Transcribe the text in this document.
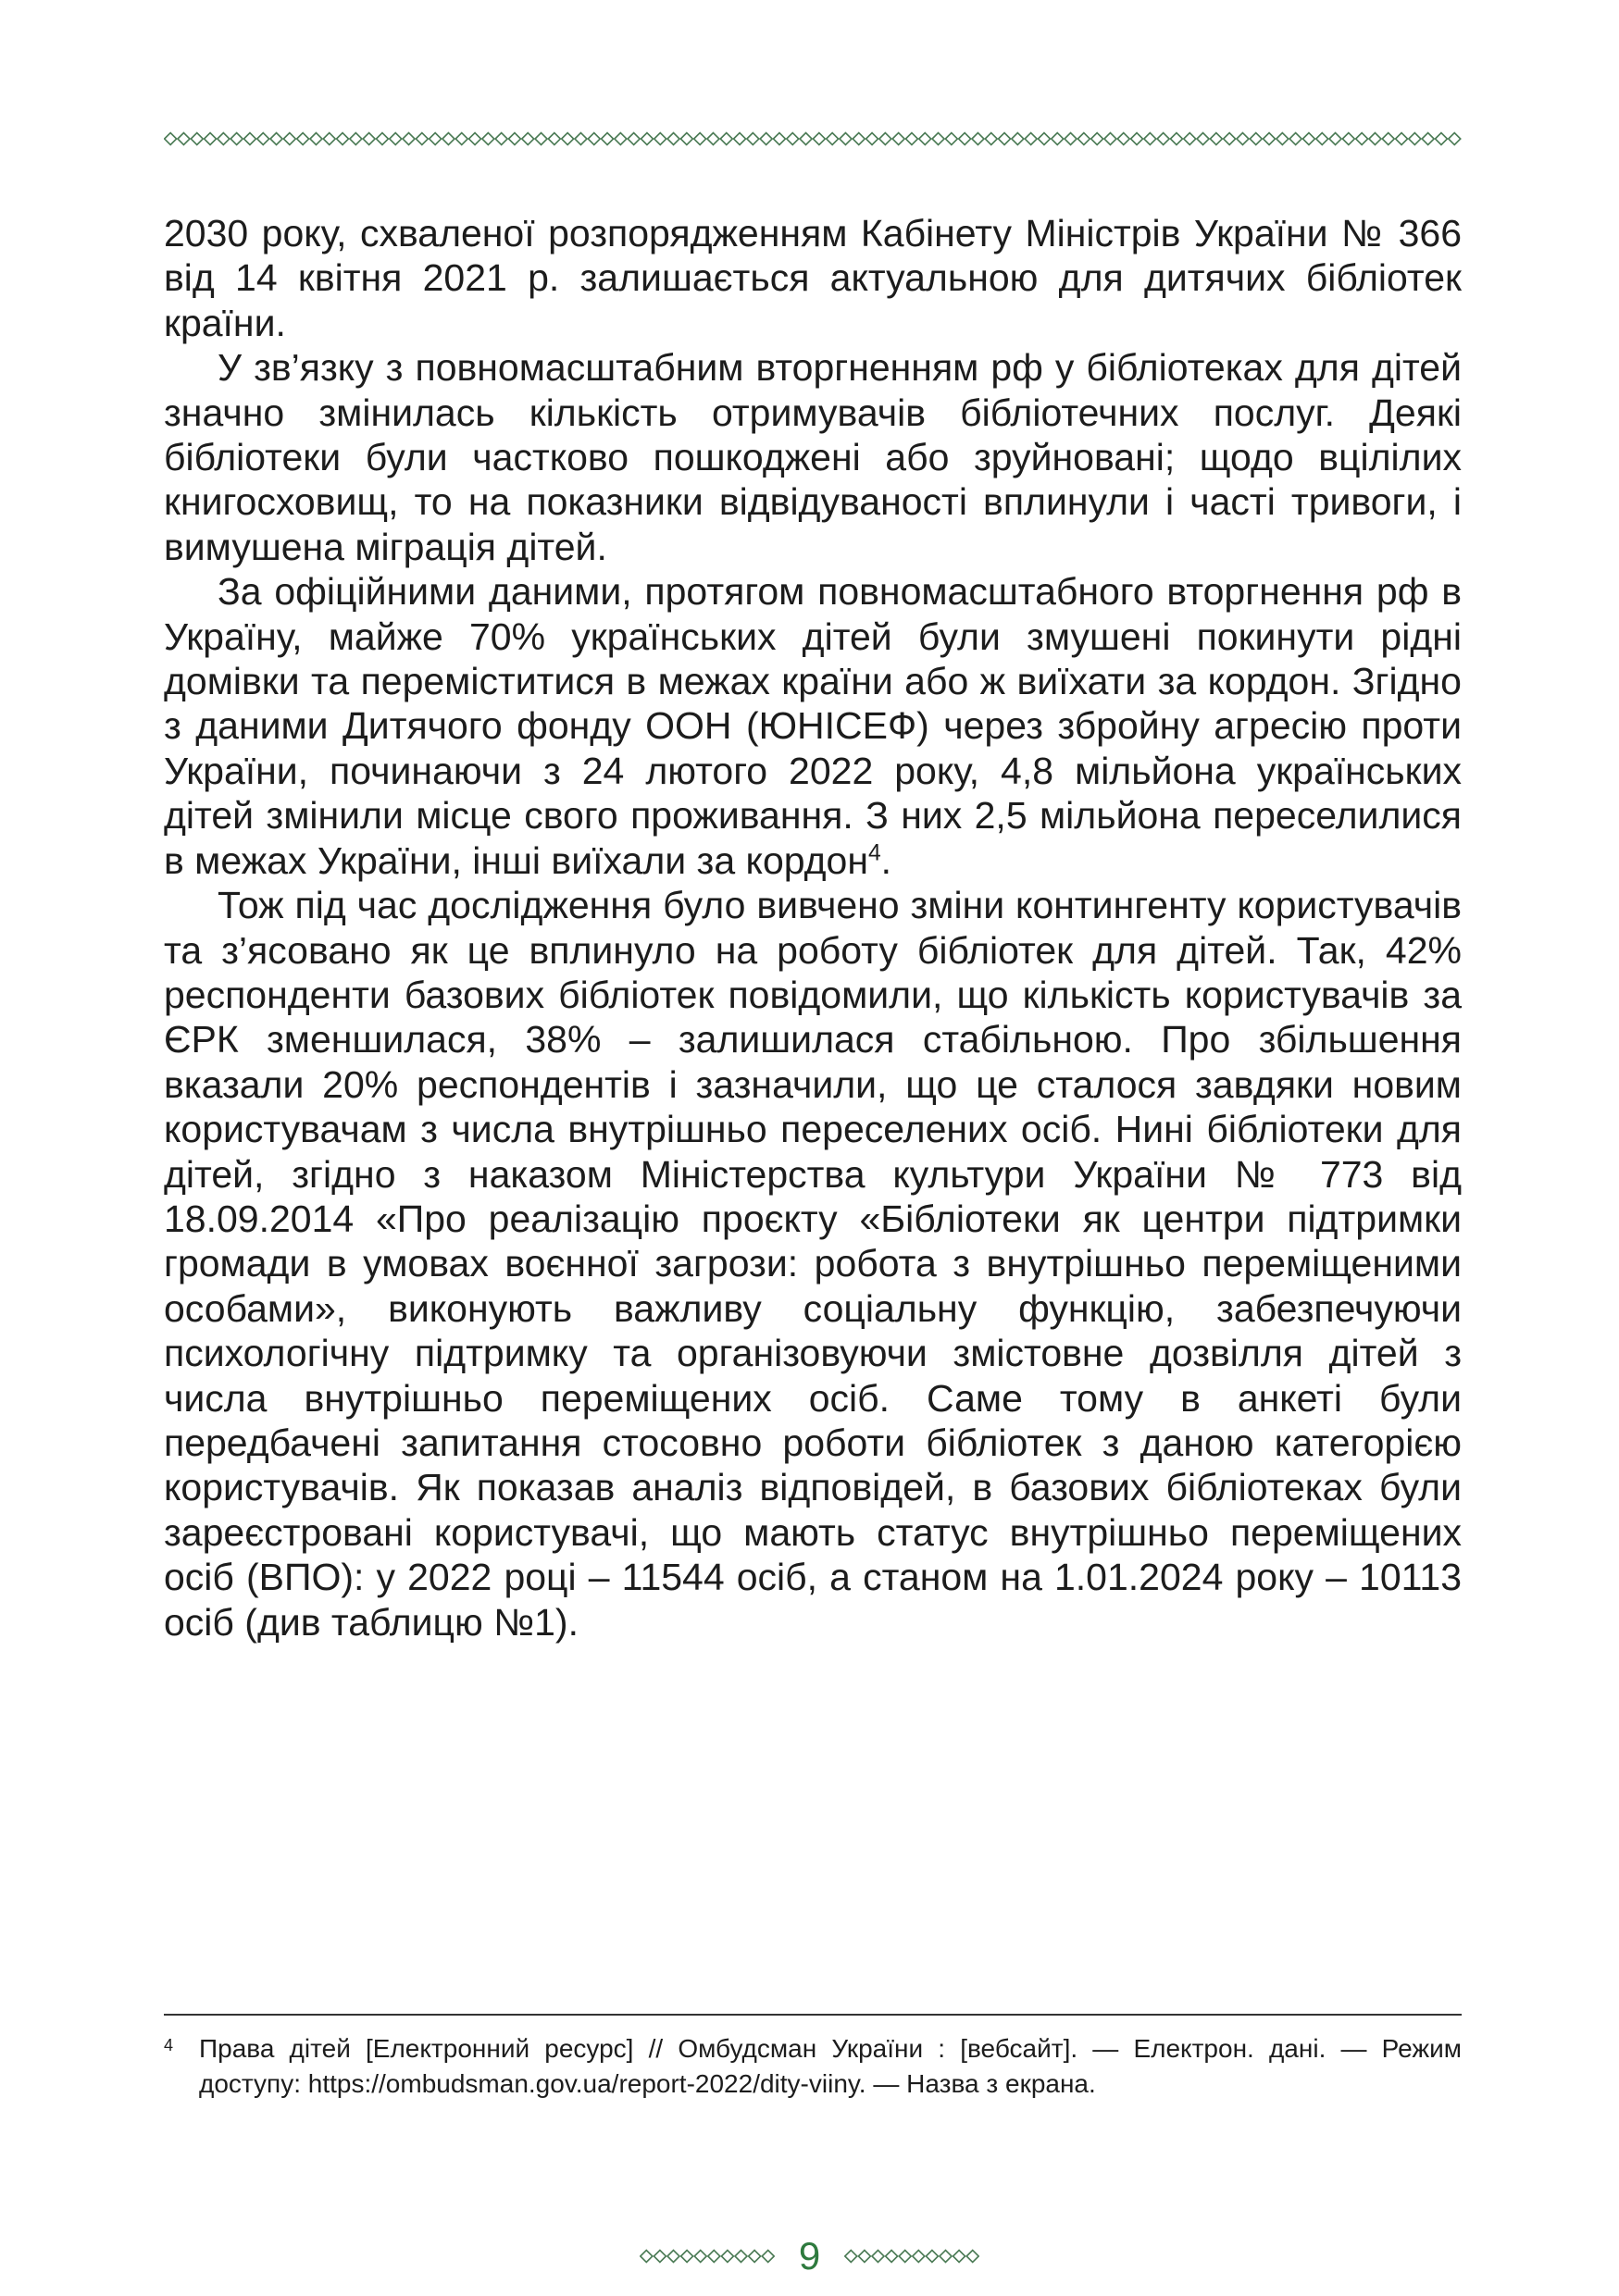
2030 року, схваленої розпорядженням Кабінету Міністрів України № 366 від 14 квітня 2021 р. залишається актуальною для дитячих бібліотек країни.

У зв’язку з повномасштабним вторгненням рф у бібліотеках для дітей значно змінилась кількість отримувачів бібліотечних послуг. Деякі бібліотеки були частково пошкоджені або зруйновані; щодо вцілілих книгосховищ, то на показники відвідуваності вплинули і часті тривоги, і вимушена міграція дітей.

За офіційними даними, протягом повномасштабного вторгнення рф в Україну, майже 70% українських дітей були змушені покинути рідні домівки та переміститися в межах країни або ж виїхати за кордон. Згідно з даними Дитячого фонду ООН (ЮНІСЕФ) через збройну агресію проти України, починаючи з 24 лютого 2022 року, 4,8 мільйона українських дітей змінили місце свого проживання. З них 2,5 мільйона переселилися в межах України, інші виїхали за кордон$^4$.

Тож під час дослідження було вивчено зміни контингенту користувачів та з’ясовано як це вплинуло на роботу бібліотек для дітей. Так, 42% респонденти базових бібліотек повідомили, що кількість користувачів за ЄРК зменшилася, 38% – залишилася стабільною. Про збільшення вказали 20% респондентів і зазначили, що це сталося завдяки новим користувачам з числа внутрішньо переселених осіб. Нині бібліотеки для дітей, згідно з наказом Міністерства культури України № 773 від 18.09.2014 «Про реалізацію проєкту «Бібліотеки як центри підтримки громади в умовах воєнної загрози: робота з внутрішньо переміщеними особами», виконують важливу соціальну функцію, забезпечуючи психологічну підтримку та організовуючи змістовне дозвілля дітей з числа внутрішньо переміщених осіб. Саме тому в анкеті були передбачені запитання стосовно роботи бібліотек з даною категорією користувачів. Як показав аналіз відповідей, в базових бібліотеках були зареєстровані користувачі, що мають статус внутрішньо переміщених осіб (ВПО): у 2022 році – 11544 осіб, а станом на 1.01.2024 року – 10113 осіб (див таблицю №1).

4 Права дітей [Електронний ресурс] // Омбудсман України : [вебсайт]. — Електрон. дані. — Режим доступу: https://ombudsman.gov.ua/report-2022/dity-viiny. — Назва з екрана.
9
